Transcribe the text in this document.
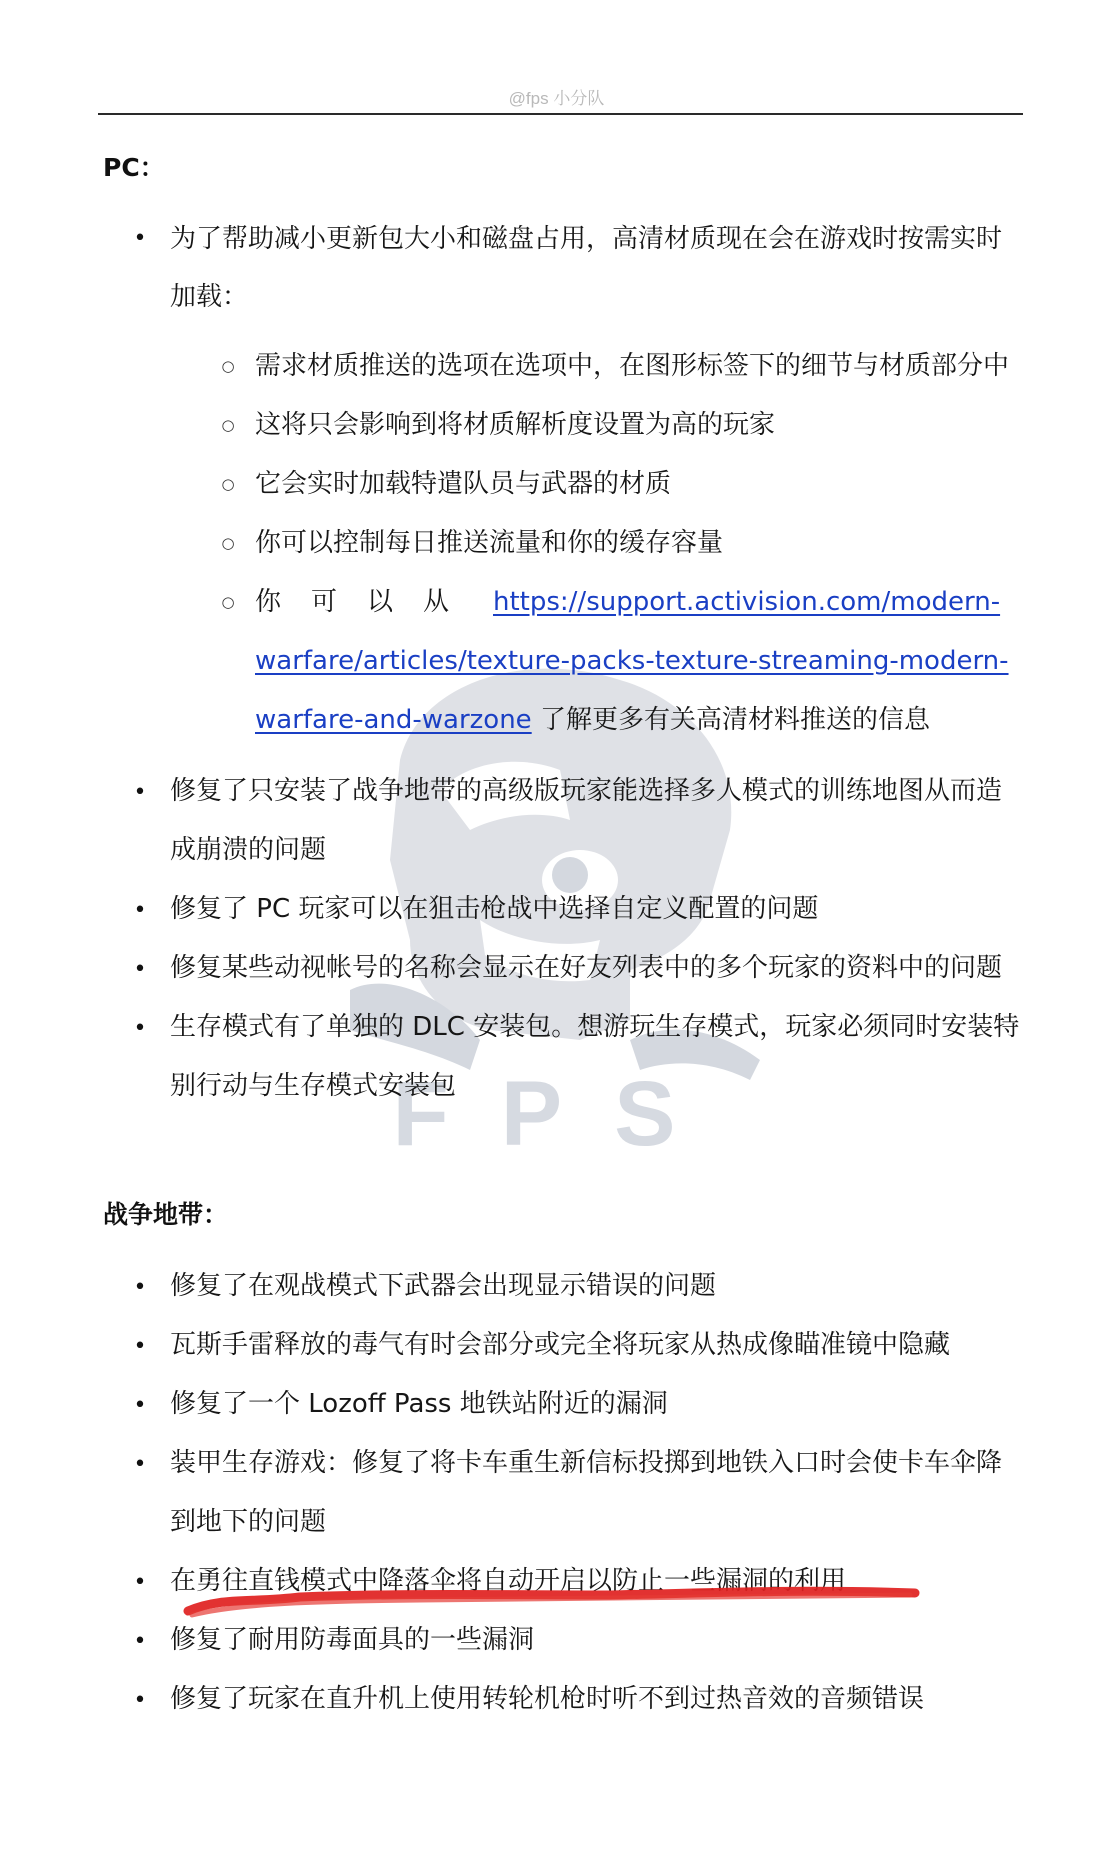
@fps 小分队
FPS
PC：
• 为了帮助减小更新包大小和磁盘占用，高清材质现在会在游戏时按需实时
加载：
○ 需求材质推送的选项在选项中，在图形标签下的细节与材质部分中
○ 这将只会影响到将材质解析度设置为高的玩家
○ 它会实时加载特遣队员与武器的材质
○ 你可以控制每日推送流量和你的缓存容量
○ 你 可 以 从 https://support.activision.com/modern-
warfare/articles/texture-packs-texture-streaming-modern-
warfare-and-warzone 了解更多有关高清材料推送的信息
• 修复了只安装了战争地带的高级版玩家能选择多人模式的训练地图从而造
成崩溃的问题
• 修复了 PC 玩家可以在狙击枪战中选择自定义配置的问题
• 修复某些动视帐号的名称会显示在好友列表中的多个玩家的资料中的问题
• 生存模式有了单独的 DLC 安装包。想游玩生存模式，玩家必须同时安装特
别行动与生存模式安装包
战争地带：
• 修复了在观战模式下武器会出现显示错误的问题
• 瓦斯手雷释放的毒气有时会部分或完全将玩家从热成像瞄准镜中隐藏
• 修复了一个 Lozoff Pass 地铁站附近的漏洞
• 装甲生存游戏：修复了将卡车重生新信标投掷到地铁入口时会使卡车伞降
到地下的问题
• 在勇往直钱模式中降落伞将自动开启以防止一些漏洞的利用
• 修复了耐用防毒面具的一些漏洞
• 修复了玩家在直升机上使用转轮机枪时听不到过热音效的音频错误
